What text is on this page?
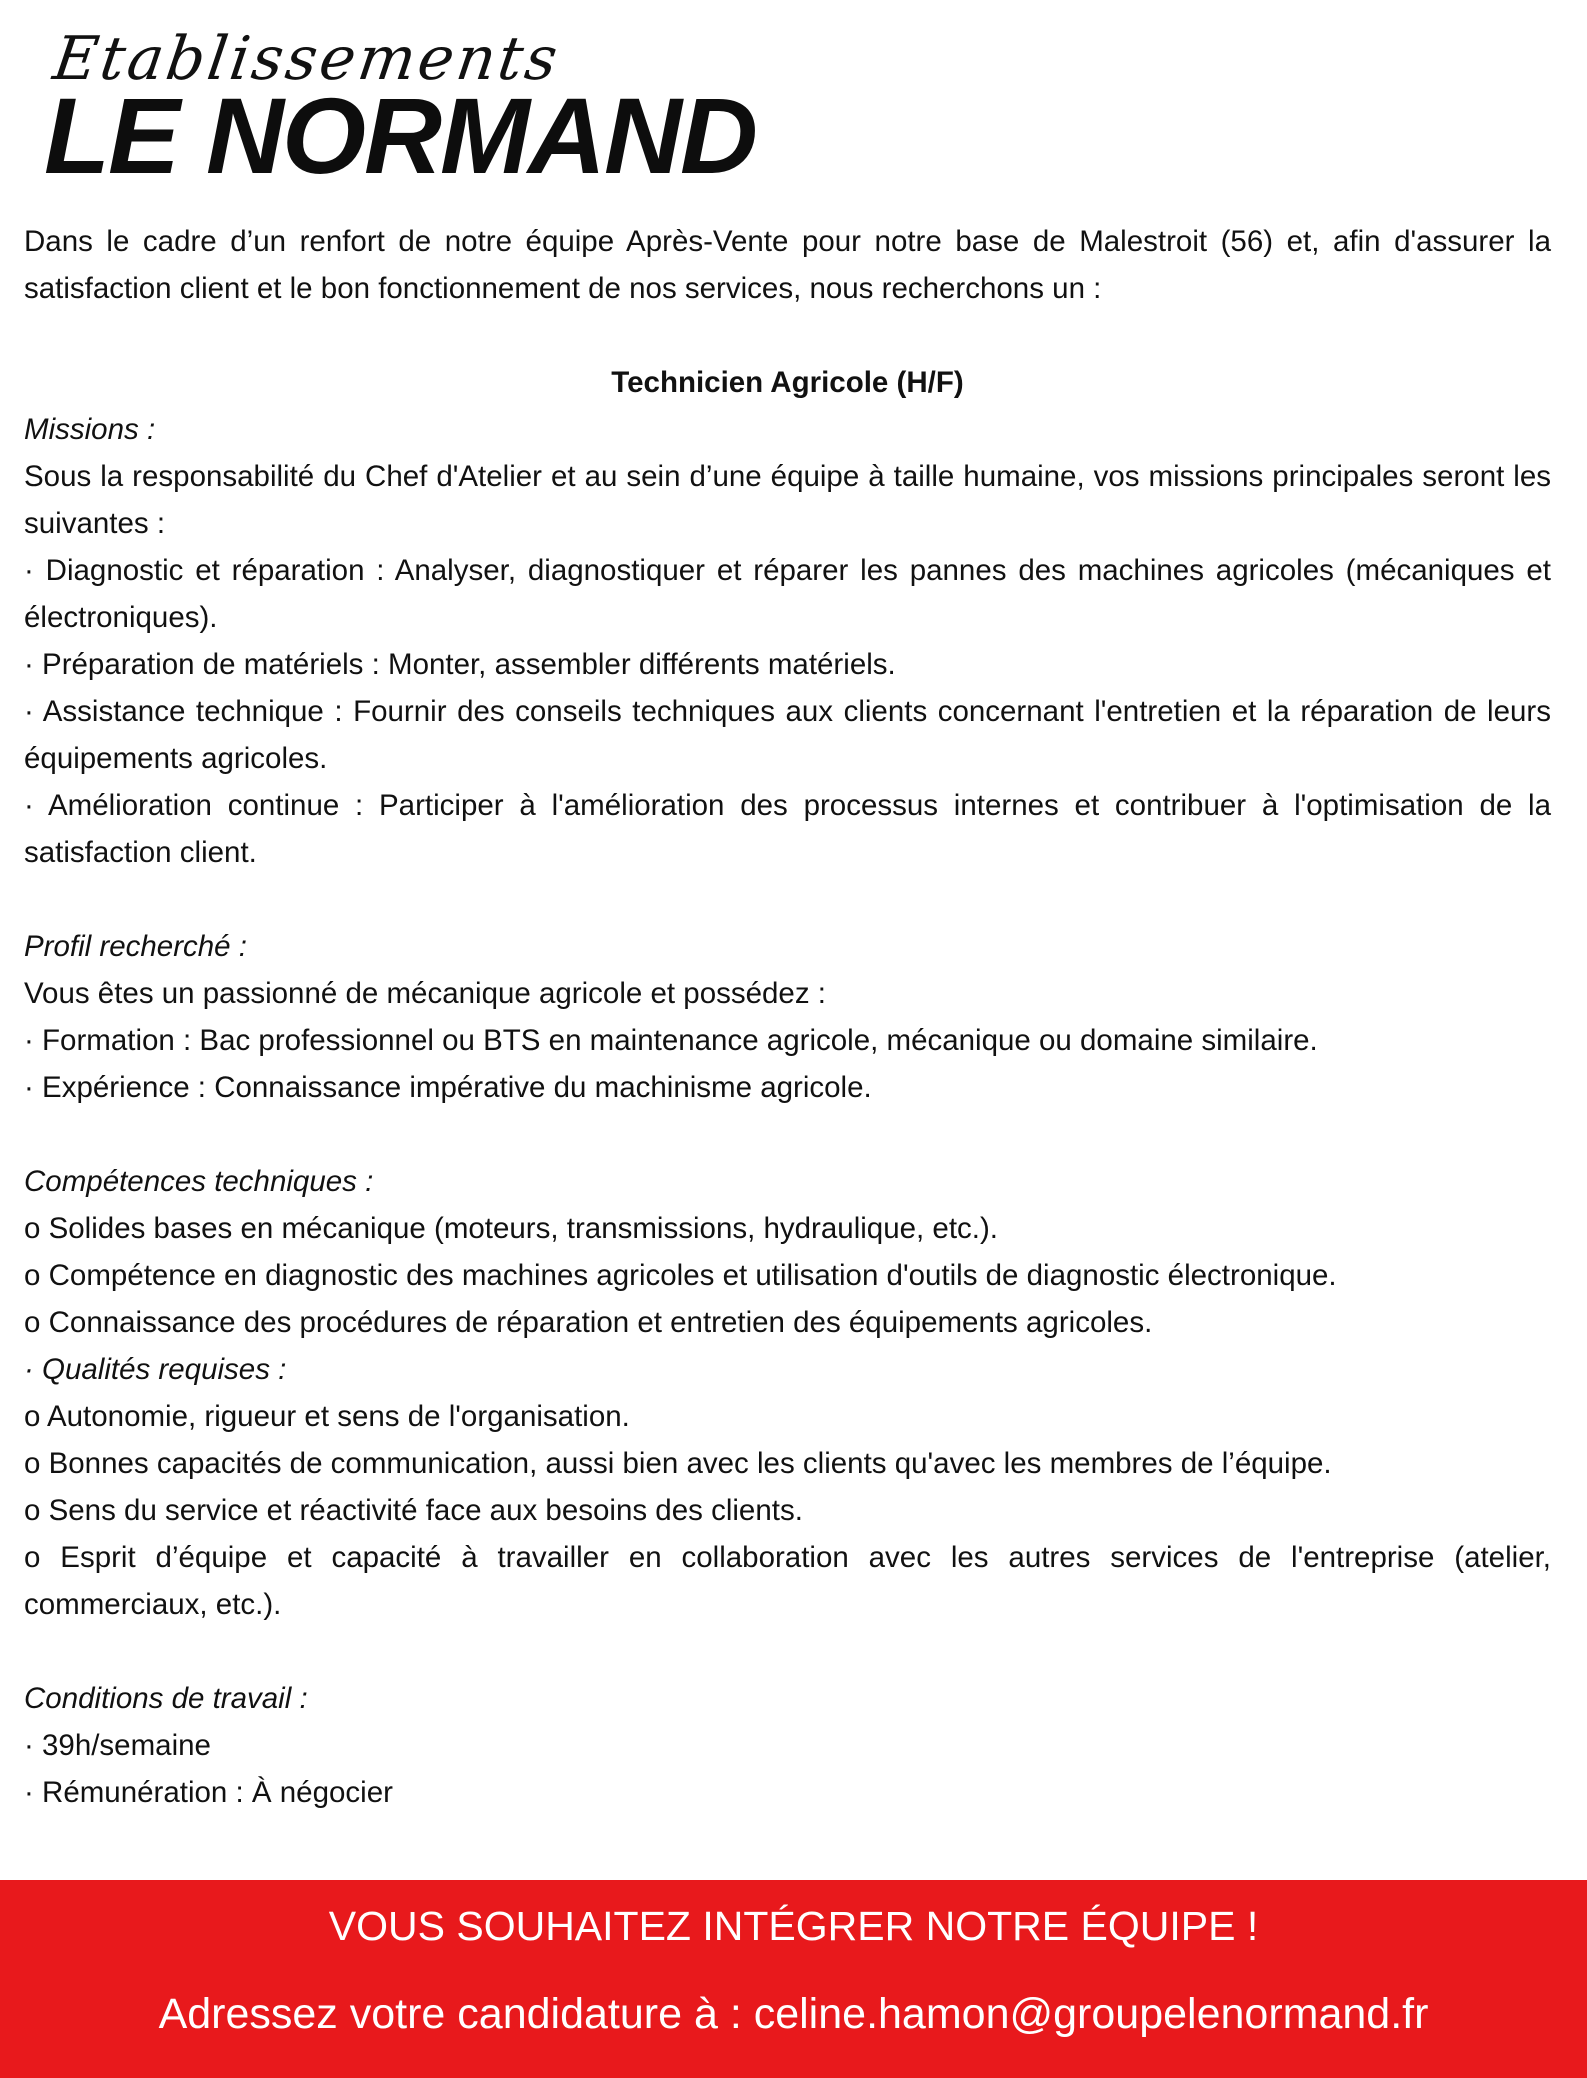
Etablissements
LE NORMAND

Dans le cadre d’un renfort de notre équipe Après-Vente pour notre base de Malestroit (56) et, afin d'assurer la satisfaction client et le bon fonctionnement de nos services, nous recherchons un :

Technicien Agricole (H/F)

Missions :

Sous la responsabilité du Chef d'Atelier et au sein d’une équipe à taille humaine, vos missions principales seront les suivantes :

· Diagnostic et réparation : Analyser, diagnostiquer et réparer les pannes des machines agricoles (mécaniques et électroniques).

· Préparation de matériels : Monter, assembler différents matériels.

· Assistance technique : Fournir des conseils techniques aux clients concernant l'entretien et la réparation de leurs équipements agricoles.

· Amélioration continue : Participer à l'amélioration des processus internes et contribuer à l'optimisation de la satisfaction client.

Profil recherché :

Vous êtes un passionné de mécanique agricole et possédez :

· Formation : Bac professionnel ou BTS en maintenance agricole, mécanique ou domaine similaire.

· Expérience : Connaissance impérative du machinisme agricole.

Compétences techniques :

o Solides bases en mécanique (moteurs, transmissions, hydraulique, etc.).

o Compétence en diagnostic des machines agricoles et utilisation d'outils de diagnostic électronique.

o Connaissance des procédures de réparation et entretien des équipements agricoles.

· Qualités requises :

o Autonomie, rigueur et sens de l'organisation.

o Bonnes capacités de communication, aussi bien avec les clients qu'avec les membres de l’équipe.

o Sens du service et réactivité face aux besoins des clients.

o Esprit d’équipe et capacité à travailler en collaboration avec les autres services de l'entreprise (atelier, commerciaux, etc.).

Conditions de travail :

· 39h/semaine

· Rémunération : À négocier

VOUS SOUHAITEZ INTÉGRER NOTRE ÉQUIPE !
Adressez votre candidature à : celine.hamon@groupelenormand.fr
